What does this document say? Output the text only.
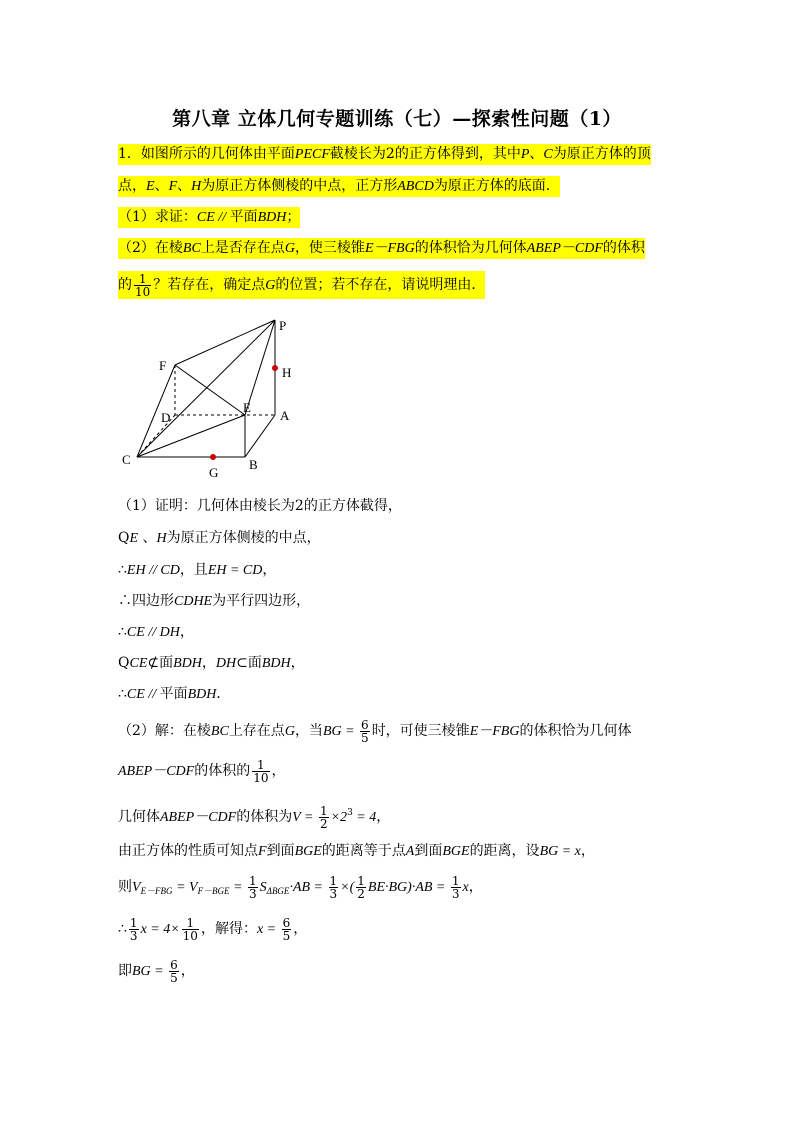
第八章 立体几何专题训练（七）—探索性问题（1）
1．如图所示的几何体由平面PECF截棱长为2的正方体得到，其中P、C为原正方体的顶
点，E、F、H为原正方体侧棱的中点，正方形ABCD为原正方体的底面．
（1）求证：CE // 平面BDH；
（2）在棱BC上是否存在点G，使三棱锥E－FBG的体积恰为几何体ABEP－CDF的体积
的 $\frac{1}{10}$ ？若存在，确定点G的位置；若不存在，请说明理由．
P
H
F
E
D	A
C
G
B
（1）证明：几何体由棱长为2的正方体截得，
QE 、H为原正方体侧棱的中点，
∴EH // CD，且EH = CD，
∴四边形CDHE为平行四边形，
∴CE // DH，
QCE⊄面BDH，DH⊂面BDH，
∴CE // 平面BDH．
（2）解：在棱BC上存在点G，当BG = $\frac{6}{5}$ 时，可使三棱锥E－FBG的体积恰为几何体
ABEP－CDF的体积的 $\frac{1}{10}$ ，
几何体ABEP－CDF的体积为$V = \frac{1}{2} \times 2^3 = 4$，
由正方体的性质可知点F到面BGE的距离等于点A到面BGE的距离，设BG = x，
则$V_{E-FBG} = V_{F-BGE} = \frac{1}{3} S_{\Delta BGE}\cdot AB = \frac{1}{3}$ ×( $\frac{1}{2} BE\cdot BG)\cdot AB = \frac{1}{3}$ x，
∴ $\frac{1}{3}$ $x = 4\times \frac{1}{10}$ ，解得：$x = \frac{6}{5}$ ，
即BG = $\frac{6}{5}$ ，
